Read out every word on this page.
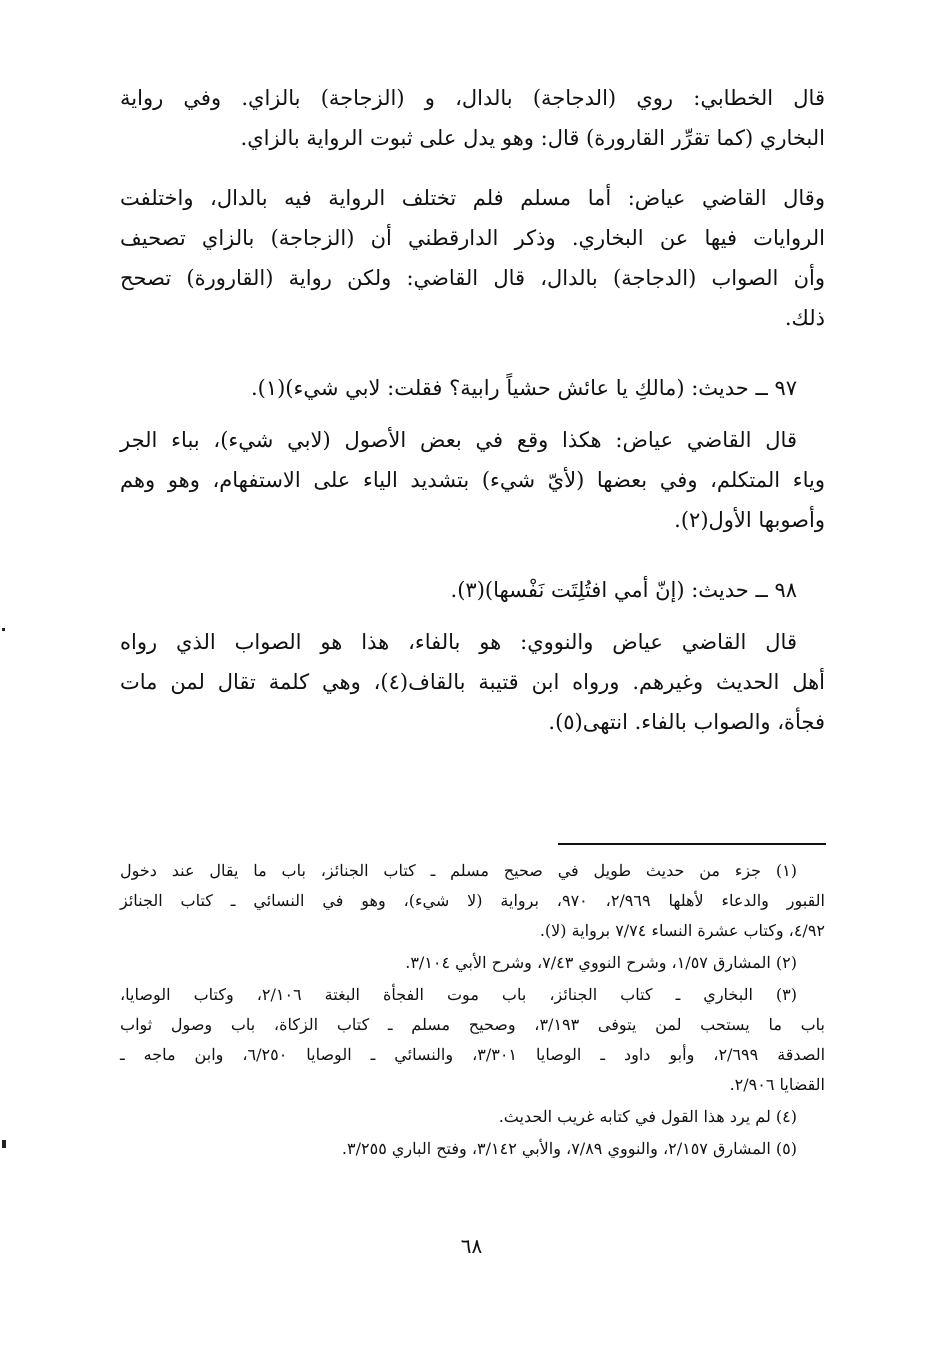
قال الخطابي: روي (الدجاجة) بالدال، و (الزجاجة) بالزاي. وفي رواية
البخاري (كما تقرِّر القارورة) قال: وهو يدل على ثبوت الرواية بالزاي.

وقال القاضي عياض: أما مسلم فلم تختلف الرواية فيه بالدال، واختلفت
الروايات فيها عن البخاري. وذكر الدارقطني أن (الزجاجة) بالزاي تصحيف
وأن الصواب (الدجاجة) بالدال، قال القاضي: ولكن رواية (القارورة) تصحح
ذلك.

٩٧ ــ حديث: (مالكِ يا عائش حشياً رابية؟ فقلت: لابي شيء)(١).

قال القاضي عياض: هكذا وقع في بعض الأصول (لابي شيء)، بباء الجر
وياء المتكلم، وفي بعضها (لأيّ شيء) بتشديد الياء على الاستفهام، وهو وهم
وأصوبها الأول(٢).

٩٨ ــ حديث: (إنّ أمي افتُلِتَت نَفْسها)(٣).

قال القاضي عياض والنووي: هو بالفاء، هذا هو الصواب الذي رواه
أهل الحديث وغيرهم. ورواه ابن قتيبة بالقاف(٤)، وهي كلمة تقال لمن مات
فجأة، والصواب بالفاء. انتهى(٥).

(١) جزء من حديث طويل في صحيح مسلم ـ كتاب الجنائز، باب ما يقال عند دخول
القبور والدعاء لأهلها ٢/٩٦٩، ٩٧٠، برواية (لا شيء)، وهو في النسائي ـ كتاب الجنائز
٤/٩٢، وكتاب عشرة النساء ٧/٧٤ برواية (لا).

(٢) المشارق ١/٥٧، وشرح النووي ٧/٤٣، وشرح الأبي ٣/١٠٤.

(٣) البخاري ـ كتاب الجنائز، باب موت الفجأة البغتة ٢/١٠٦، وكتاب الوصايا،
باب ما يستحب لمن يتوفى ٣/١٩٣، وصحيح مسلم ـ كتاب الزكاة، باب وصول ثواب
الصدقة ٢/٦٩٩، وأبو داود ـ الوصايا ٣/٣٠١، والنسائي ـ الوصايا ٦/٢٥٠، وابن ماجه ـ
القضايا ٢/٩٠٦.

(٤) لم يرد هذا القول في كتابه غريب الحديث.

(٥) المشارق ٢/١٥٧، والنووي ٧/٨٩، والأبي ٣/١٤٢، وفتح الباري ٣/٢٥٥.

٦٨
